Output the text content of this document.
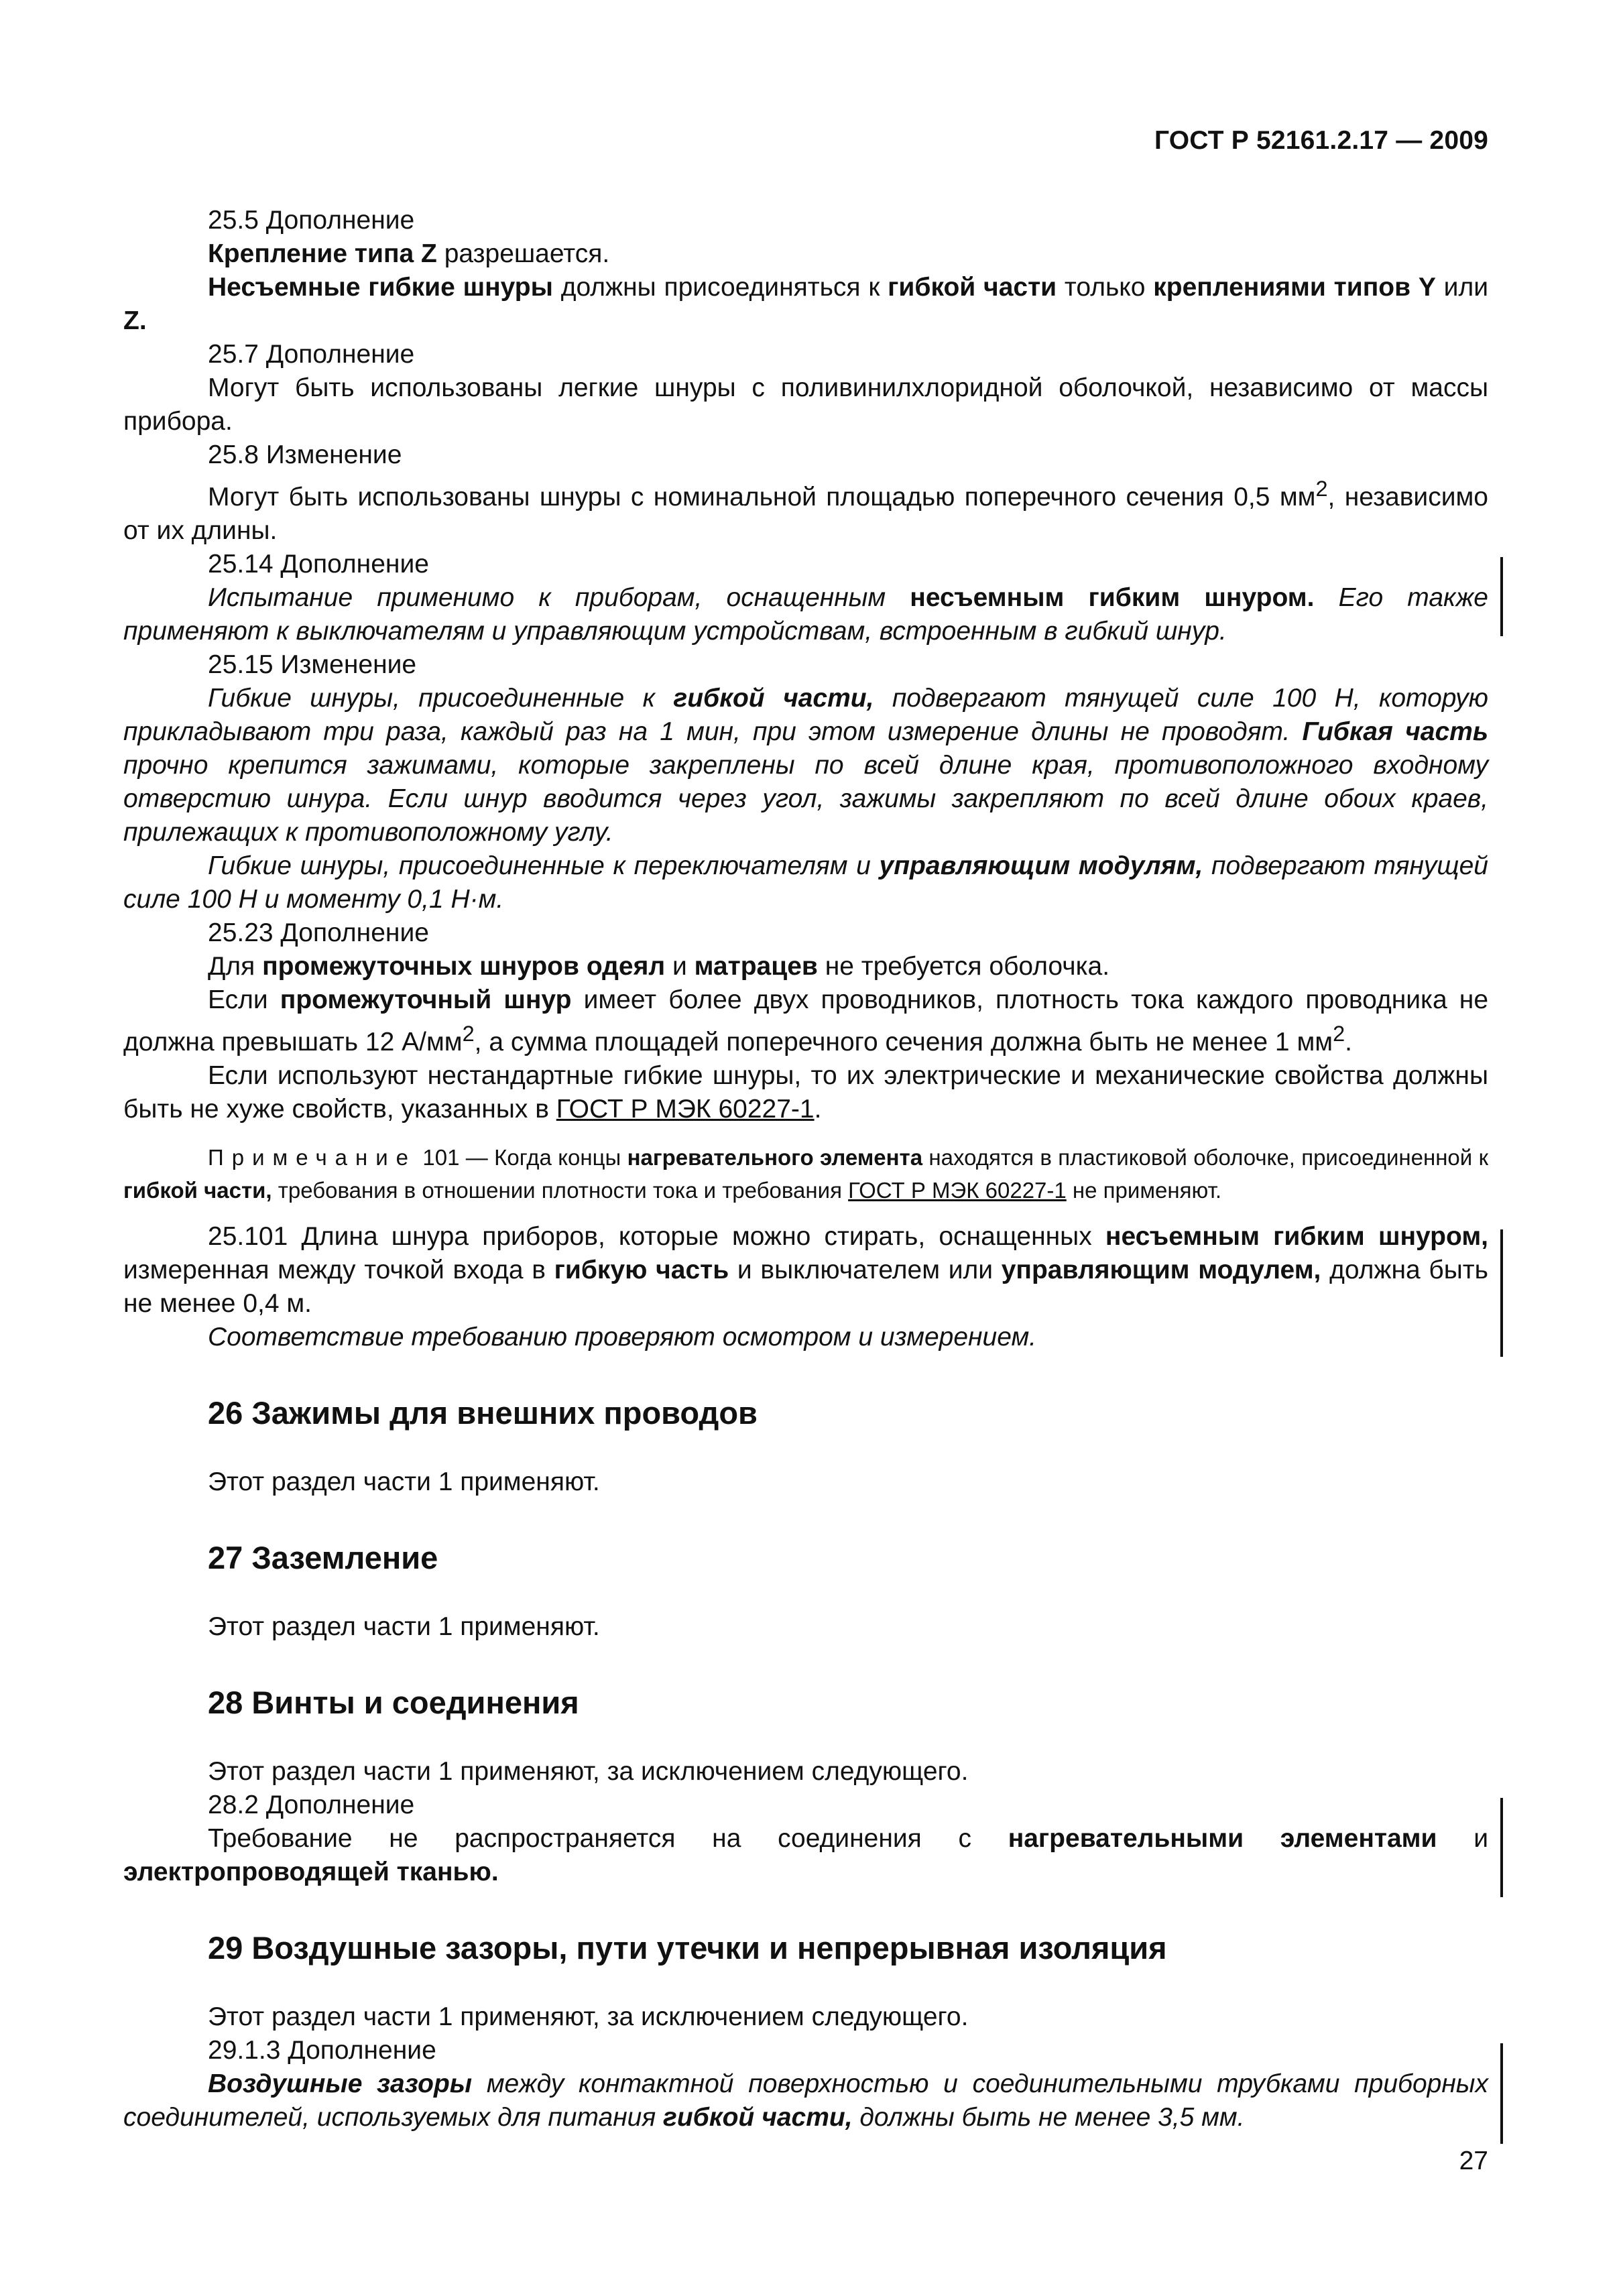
ГОСТ Р 52161.2.17 — 2009

25.5 Дополнение

Крепление типа Z разрешается.

Несъемные гибкие шнуры должны присоединяться к гибкой части только креплениями типов Y или Z.

25.7 Дополнение

Могут быть использованы легкие шнуры с поливинилхлоридной оболочкой, независимо от массы прибора.

25.8 Изменение

Могут быть использованы шнуры с номинальной площадью поперечного сечения 0,5 $мм^2$, независимо от их длины.

25.14 Дополнение

Испытание применимо к приборам, оснащенным несъемным гибким шнуром. Его также применяют к выключателям и управляющим устройствам, встроенным в гибкий шнур.

25.15 Изменение

Гибкие шнуры, присоединенные к гибкой части, подвергают тянущей силе 100 Н, которую прикладывают три раза, каждый раз на 1 мин, при этом измерение длины не проводят. Гибкая часть прочно крепится зажимами, которые закреплены по всей длине края, противоположного входному отверстию шнура. Если шнур вводится через угол, зажимы закрепляют по всей длине обоих краев, прилежащих к противоположному углу.

Гибкие шнуры, присоединенные к переключателям и управляющим модулям, подвергают тянущей силе 100 Н и моменту 0,1 Н·м.

25.23 Дополнение

Для промежуточных шнуров одеял и матрацев не требуется оболочка.

Если промежуточный шнур имеет более двух проводников, плотность тока каждого проводника не должна превышать 12 $А/мм^2$, а сумма площадей поперечного сечения должна быть не менее 1 $мм^2$.

Если используют нестандартные гибкие шнуры, то их электрические и механические свойства должны быть не хуже свойств, указанных в ГОСТ Р МЭК 60227-1.

Примечание 101 — Когда концы нагревательного элемента находятся в пластиковой оболочке, присоединенной к гибкой части, требования в отношении плотности тока и требования ГОСТ Р МЭК 60227-1 не применяют.

25.101 Длина шнура приборов, которые можно стирать, оснащенных несъемным гибким шнуром, измеренная между точкой входа в гибкую часть и выключателем или управляющим модулем, должна быть не менее 0,4 м.

Соответствие требованию проверяют осмотром и измерением.

26 Зажимы для внешних проводов

Этот раздел части 1 применяют.

27 Заземление

Этот раздел части 1 применяют.

28 Винты и соединения

Этот раздел части 1 применяют, за исключением следующего.

28.2 Дополнение

Требование не распространяется на соединения с нагревательными элементами и электропроводящей тканью.

29 Воздушные зазоры, пути утечки и непрерывная изоляция

Этот раздел части 1 применяют, за исключением следующего.

29.1.3 Дополнение

Воздушные зазоры между контактной поверхностью и соединительными трубками приборных соединителей, используемых для питания гибкой части, должны быть не менее 3,5 мм.

27
